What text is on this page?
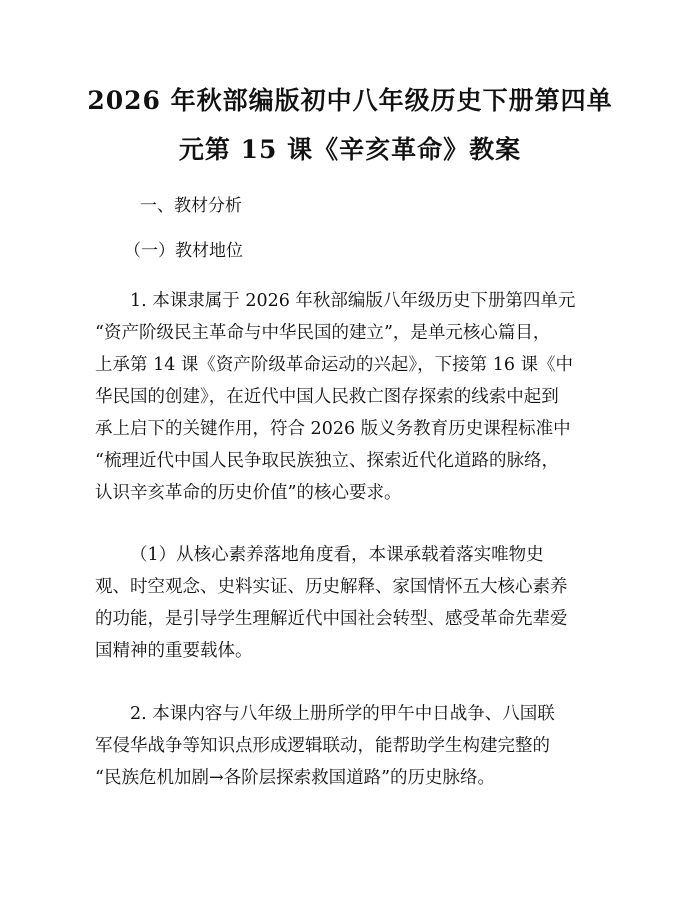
2026 年秋部编版初中八年级历史下册第四单
元第 15 课《辛亥革命》教案

一、教材分析

（一）教材地位

1. 本课隶属于 2026 年秋部编版八年级历史下册第四单元

“资产阶级民主革命与中华民国的建立”，是单元核心篇目，

上承第 14 课《资产阶级革命运动的兴起》，下接第 16 课《中

华民国的创建》，在近代中国人民救亡图存探索的线索中起到

承上启下的关键作用，符合 2026 版义务教育历史课程标准中

“梳理近代中国人民争取民族独立、探索近代化道路的脉络，

认识辛亥革命的历史价值”的核心要求。

（1）从核心素养落地角度看，本课承载着落实唯物史

观、时空观念、史料实证、历史解释、家国情怀五大核心素养

的功能，是引导学生理解近代中国社会转型、感受革命先辈爱

国精神的重要载体。

2. 本课内容与八年级上册所学的甲午中日战争、八国联

军侵华战争等知识点形成逻辑联动，能帮助学生构建完整的

“民族危机加剧→各阶层探索救国道路”的历史脉络。
